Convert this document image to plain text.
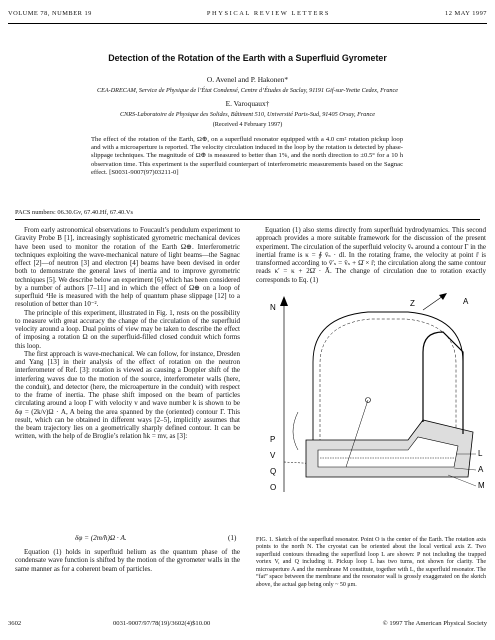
VOLUME 78, NUMBER 19	PHYSICAL REVIEW LETTERS	12 MAY 1997
Detection of the Rotation of the Earth with a Superfluid Gyrometer
O. Avenel and P. Hakonen*
CEA-DRECAM, Service de Physique de l’État Condensé, Centre d’Études de Saclay, 91191 Gif-sur-Yvette Cedex, France
E. Varoquaux†
CNRS-Laboratoire de Physique des Solides, Bâtiment 510, Université Paris-Sud, 91405 Orsay, France
(Received 4 February 1997)
The effect of the rotation of the Earth, Ω⊕, on a superfluid resonator equipped with a 4.0 cm² rotation pickup loop and with a microaperture is reported. The velocity circulation induced in the loop by the rotation is detected by phase-slippage techniques. The magnitude of Ω⊕ is measured to better than 1%, and the north direction to ±0.5° for a 10 h observation time. This experiment is the superfluid counterpart of interferometric measurements based on the Sagnac effect. [S0031-9007(97)03211-0]
PACS numbers: 06.30.Gv, 67.40.Hf, 67.40.Vs

From early astronomical observations to Foucault’s pendulum experiment to Gravity Probe B [1], increasingly sophisticated gyrometric mechanical devices have been used to monitor the rotation of the Earth Ω⊕. Interferometric techniques exploiting the wave-mechanical nature of light beams—the Sagnac effect [2]—of neutron [3] and electron [4] beams have been devised in order both to demonstrate the general laws of inertia and to improve gyrometric techniques [5]. We describe below an experiment [6] which has been considered by a number of authors [7–11] and in which the effect of Ω⊕ on a loop of superfluid ⁴He is measured with the help of quantum phase slippage [12] to a resolution of better than 10⁻².

The principle of this experiment, illustrated in Fig. 1, rests on the possibility to measure with great accuracy the change of the circulation of the superfluid velocity around a loop. Dual points of view may be taken to describe the effect of imposing a rotation Ω on the superfluid-filled closed conduit which forms this loop.

The first approach is wave-mechanical. We can follow, for instance, Dresden and Yang [13] in their analysis of the effect of rotation on the neutron interferometer of Ref. [3]: rotation is viewed as causing a Doppler shift of the interfering waves due to the motion of the source, interferometer walls (here, the conduit), and detector (here, the microaperture in the conduit) with respect to the frame of inertia. The phase shift imposed on the beam of particles circulating around a loop Γ with velocity v and wave number k is shown to be δφ = (2k/v)Ω · A, A being the area spanned by the (oriented) contour Γ. This result, which can be obtained in different ways [2–5], implicitly assumes that the beam trajectory lies on a geometrically sharply defined contour. It can be written, with the help of de Broglie’s relation ħk = mv, as [3]:

δφ = (2m/ħ)Ω · A.	(1)

Equation (1) holds in superfluid helium as the quantum phase of the condensate wave function is shifted by the motion of the gyrometer walls in the same manner as for a coherent beam of particles.

Equation (1) also stems directly from superfluid hydrodynamics. This second approach provides a more suitable framework for the discussion of the present experiment. The circulation of the superfluid velocity v̄ₛ around a contour Γ in the inertial frame is κ = ∮ v̄ₛ · dl. In the rotating frame, the velocity at point r̄ is transformed according to v̄′ₛ = v̄ₛ + Ω̄ × r̄; the circulation along the same contour reads κ′ = κ + 2Ω̄ · Ā. The change of circulation due to rotation exactly corresponds to Eq. (1)

N	Z	A
P
V
Q
O
L
A
M
FIG. 1. Sketch of the superfluid resonator. Point O is the center of the Earth. The rotation axis points to the north N. The cryostat can be oriented about the local vertical axis Z. Two superfluid contours threading the superfluid loop L are shown: P not including the trapped vortex V, and Q including it. Pickup loop L has two turns, not shown for clarity. The microaperture A and the membrane M constitute, together with L, the superfluid resonator. The “fat” space between the membrane and the resonator wall is grossly exaggerated on the sketch above, the actual gap being only ~ 50 μm.
3602	0031-9007/97/78(19)/3602(4)$10.00	© 1997 The American Physical Society
